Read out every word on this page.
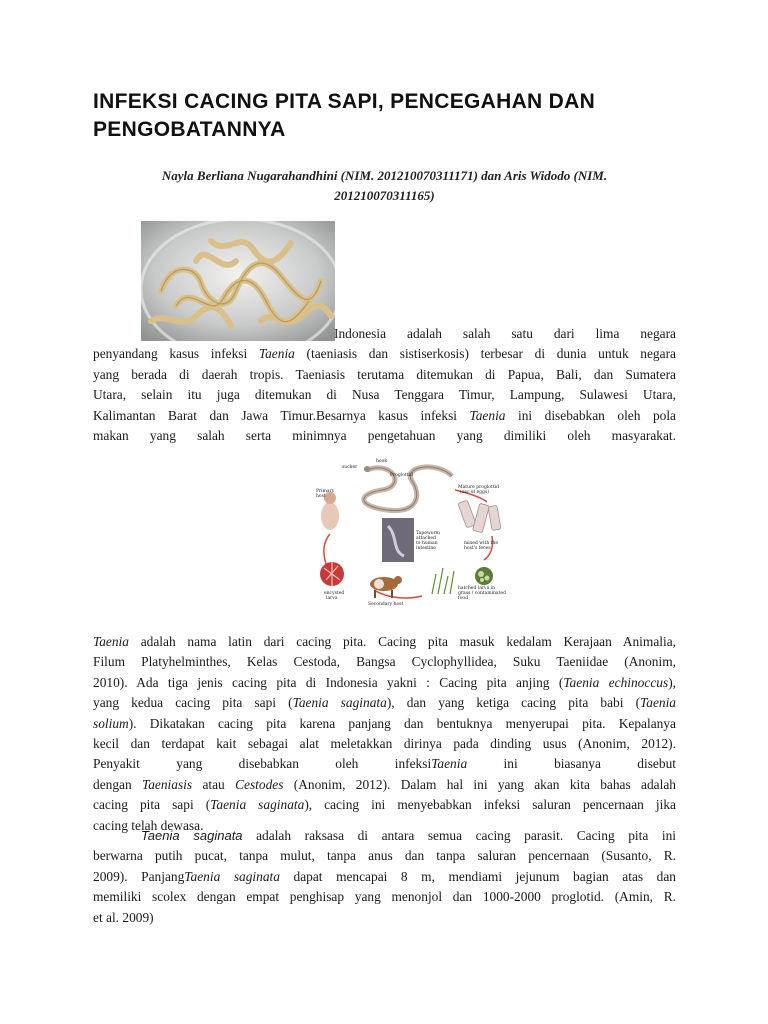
INFEKSI CACING PITA SAPI, PENCEGAHAN DAN
PENGOBATANNYA
Nayla Berliana Nugarahandhini (NIM. 201210070311171) dan Aris Widodo (NIM.
201210070311165)
Indonesia adalah salah satu dari lima negara
penyandang kasus infeksi Taenia (taeniasis dan sistiserkosis) terbesar di dunia untuk negara
yang berada di daerah tropis. Taeniasis terutama ditemukan di Papua, Bali, dan Sumatera
Utara, selain itu juga ditemukan di Nusa Tenggara Timur, Lampung, Sulawesi Utara,
Kalimantan Barat dan Jawa Timur.Besarnya kasus infeksi Taenia ini disebabkan oleh pola
makan yang salah serta minimnya pengetahuan yang dimiliki oleh masyarakat.
hook
sucker
Proglottid
Mature proglottid
(sac of eggs)
Primary
host
Tapeworm
attached
to human
intestine
mixed with the
host's feces
encysted
larva
Secondary host
hatched larva in
grass / contaminated
food
Taenia adalah nama latin dari cacing pita. Cacing pita masuk kedalam Kerajaan Animalia,
Filum Platyhelminthes, Kelas Cestoda, Bangsa Cyclophyllidea, Suku Taeniidae (Anonim,
2010). Ada tiga jenis cacing pita di Indonesia yakni : Cacing pita anjing (Taenia echinoccus),
yang kedua cacing pita sapi (Taenia saginata), dan yang ketiga cacing pita babi (Taenia
solium). Dikatakan cacing pita karena panjang dan bentuknya menyerupai pita. Kepalanya
kecil dan terdapat kait sebagai alat meletakkan dirinya pada dinding usus (Anonim, 2012).
Penyakit yang disebabkan oleh infeksiTaenia ini biasanya disebut
dengan Taeniasis atau Cestodes (Anonim, 2012). Dalam hal ini yang akan kita bahas adalah
cacing pita sapi (Taenia saginata), cacing ini menyebabkan infeksi saluran pencernaan jika
cacing telah dewasa.
Taenia saginata adalah raksasa di antara semua cacing parasit. Cacing pita ini
berwarna putih pucat, tanpa mulut, tanpa anus dan tanpa saluran pencernaan (Susanto, R.
2009). PanjangTaenia saginata dapat mencapai 8 m, mendiami jejunum bagian atas dan
memiliki scolex dengan empat penghisap yang menonjol dan 1000-2000 proglotid. (Amin, R.
et al. 2009)
